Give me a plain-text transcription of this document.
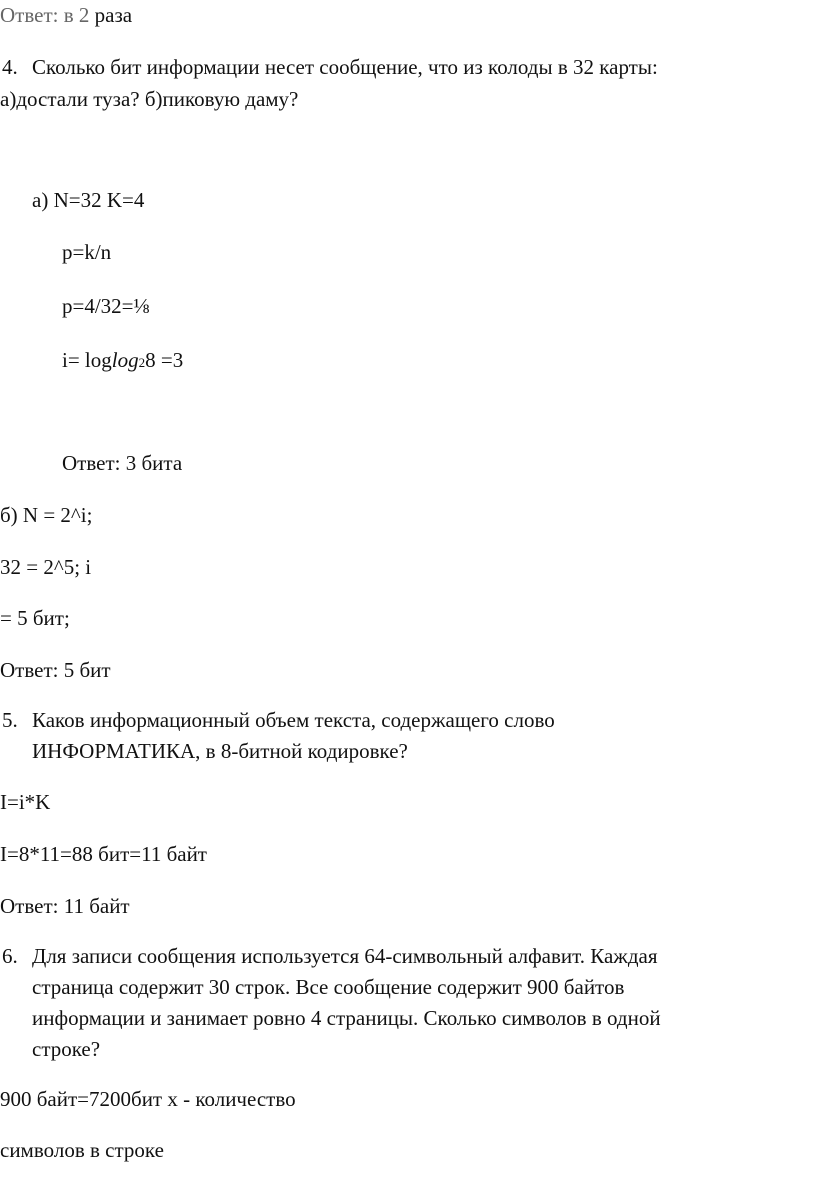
Ответ: в 2 раза
4. Сколько бит информации несет сообщение, что из колоды в 32 карты:
а)достали туза? б)пиковую даму?
а) N=32 K=4
p=k/n
p=4/32=⅛
i= loglog28 =3
Ответ: 3 бита
б) N = 2^i;
32 = 2^5; i
= 5 бит;
Ответ: 5 бит
5. Каков информационный объем текста, содержащего слово
ИНФОРМАТИКА, в 8-битной кодировке?
I=i*K
I=8*11=88 бит=11 байт
Ответ: 11 байт
6. Для записи сообщения используется 64-символьный алфавит. Каждая
страница содержит 30 строк. Все сообщение содержит 900 байтов
информации и занимает ровно 4 страницы. Сколько символов в одной
строке?
900 байт=7200бит х - количество
символов в строке
